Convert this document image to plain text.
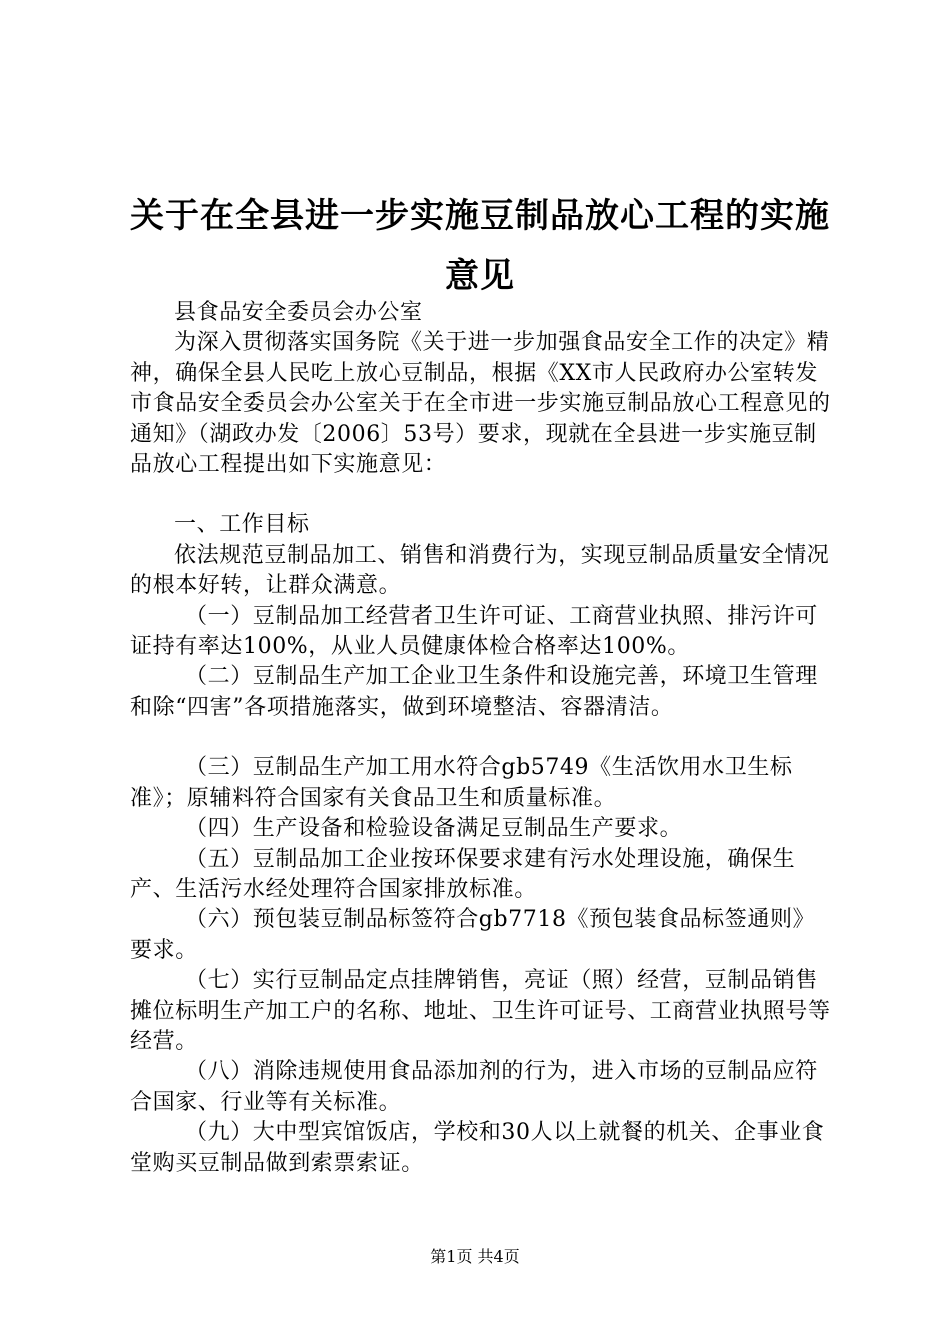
关于在全县进一步实施豆制品放心工程的实施
意见

县食品安全委员会办公室

为深入贯彻落实国务院《关于进一步加强食品安全工作的决定》精神，确保全县人民吃上放心豆制品，根据《XX市人民政府办公室转发市食品安全委员会办公室关于在全市进一步实施豆制品放心工程意见的通知》（湖政办发〔2006〕53号）要求，现就在全县进一步实施豆制品放心工程提出如下实施意见：

一、工作目标

依法规范豆制品加工、销售和消费行为，实现豆制品质量安全情况的根本好转，让群众满意。

（一）豆制品加工经营者卫生许可证、工商营业执照、排污许可证持有率达100%，从业人员健康体检合格率达100%。

（二）豆制品生产加工企业卫生条件和设施完善，环境卫生管理和除“四害”各项措施落实，做到环境整洁、容器清洁。

（三）豆制品生产加工用水符合gb5749《生活饮用水卫生标准》；原辅料符合国家有关食品卫生和质量标准。

（四）生产设备和检验设备满足豆制品生产要求。

（五）豆制品加工企业按环保要求建有污水处理设施，确保生产、生活污水经处理符合国家排放标准。

（六）预包装豆制品标签符合gb7718《预包装食品标签通则》要求。

（七）实行豆制品定点挂牌销售，亮证（照）经营，豆制品销售摊位标明生产加工户的名称、地址、卫生许可证号、工商营业执照号等经营。

（八）消除违规使用食品添加剂的行为，进入市场的豆制品应符合国家、行业等有关标准。

（九）大中型宾馆饭店，学校和30人以上就餐的机关、企事业食堂购买豆制品做到索票索证。

第1页 共4页
